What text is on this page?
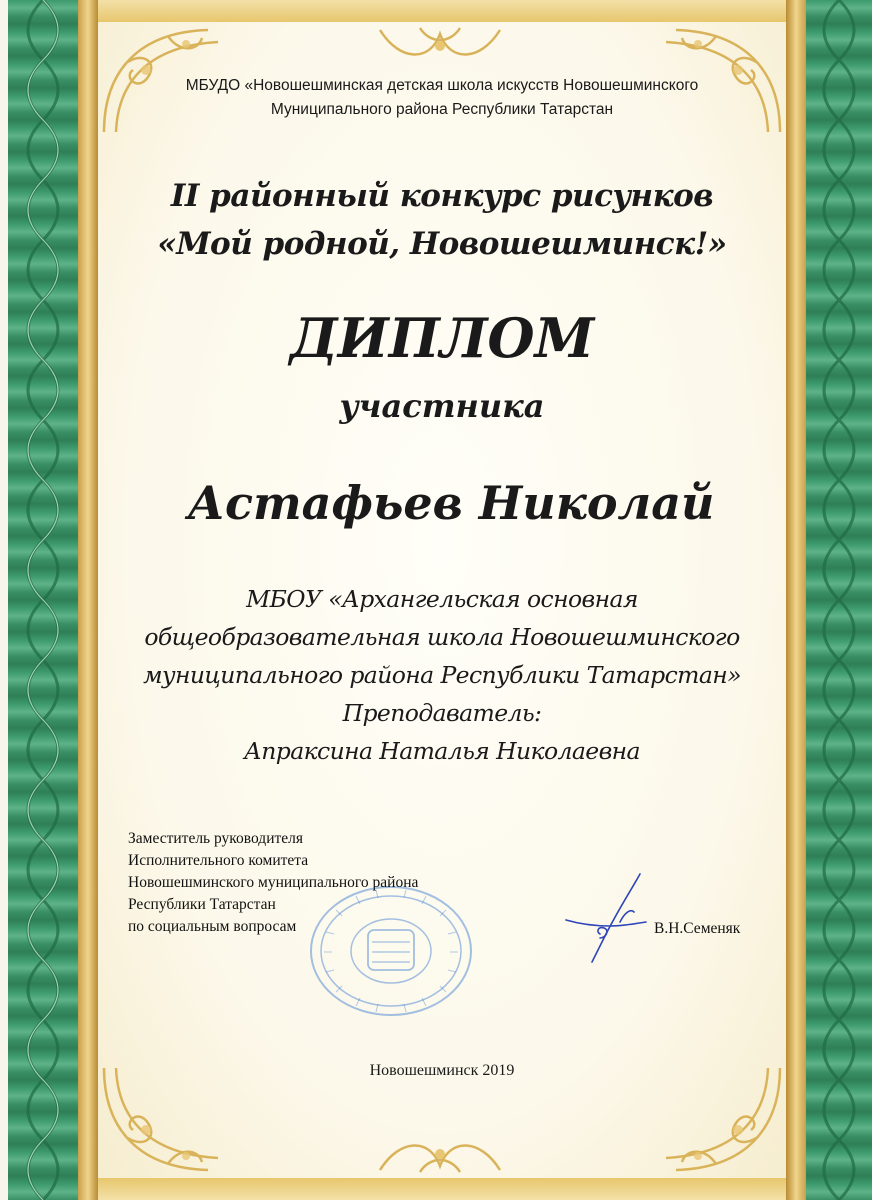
МБУДО «Новошешминская детская школа искусств Новошешминского
Муниципального района Республики Татарстан
II районный конкурс рисунков
«Мой родной, Новошешминск!»
ДИПЛОМ
участника
Астафьев Николай
МБОУ «Архангельская основная
общеобразовательная школа Новошешминского
муниципального района Республики Татарстан»
Преподаватель:
Апраксина Наталья Николаевна
Заместитель руководителя
Исполнительного комитета
Новошешминского муниципального района
Республики Татарстан
по социальным вопросам	В.Н.Семеняк
Новошешминск 2019
